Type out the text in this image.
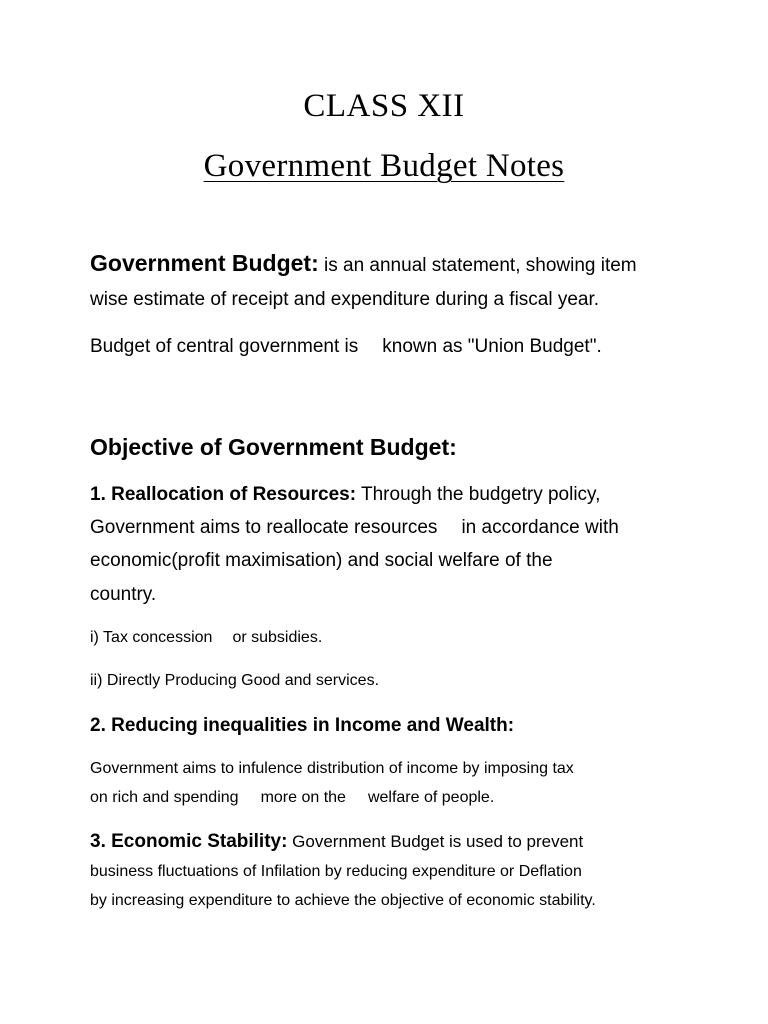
CLASS XII
Government Budget Notes
Government Budget: is an annual statement, showing item
wise estimate of receipt and expenditure during a fiscal year.
Budget of central government is known as "Union Budget".
Objective of Government Budget:
1. Reallocation of Resources: Through the budgetry policy,
Government aims to reallocate resources in accordance with
economic(profit maximisation) and social welfare of the
country.
i) Tax concession or subsidies.
ii) Directly Producing Good and services.
2. Reducing inequalities in Income and Wealth:
Government aims to infulence distribution of income by imposing tax
on rich and spending more on the welfare of people.
3. Economic Stability: Government Budget is used to prevent
business fluctuations of Infilation by reducing expenditure or Deflation
by increasing expenditure to achieve the objective of economic stability.
